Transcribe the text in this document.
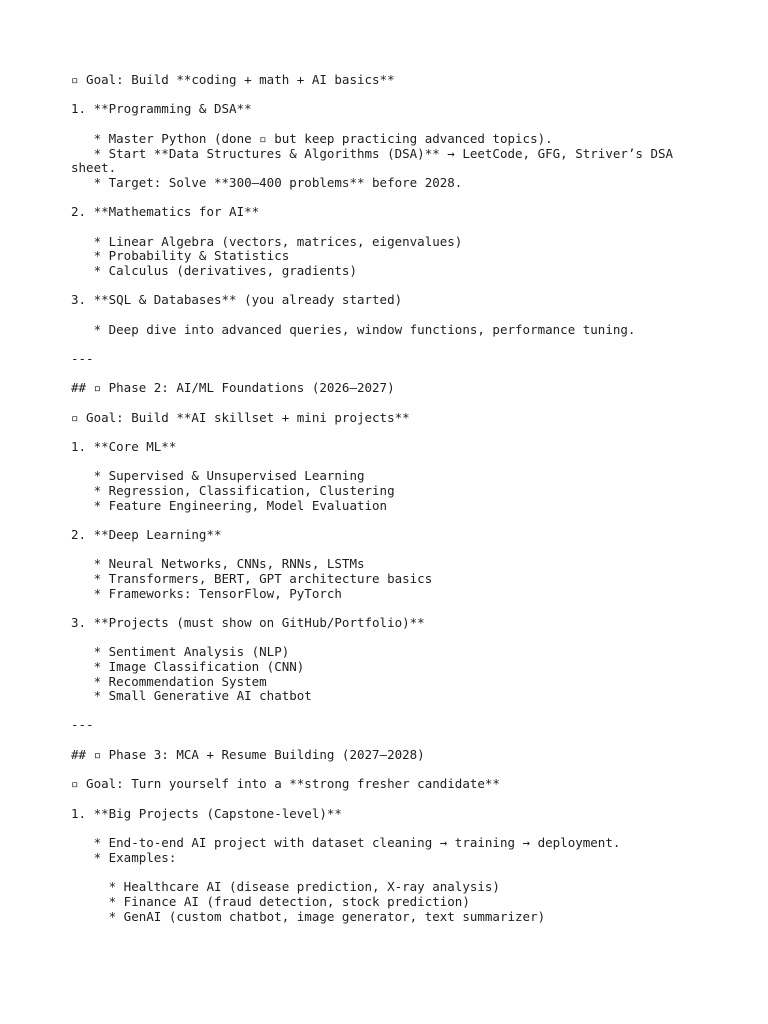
▫ Goal: Build **coding + math + AI basics**

1. **Programming & DSA**

* Master Python (done ▫ but keep practicing advanced topics).

* Start **Data Structures & Algorithms (DSA)** → LeetCode, GFG, Striver’s DSA

sheet.

* Target: Solve **300–400 problems** before 2028.

2. **Mathematics for AI**

* Linear Algebra (vectors, matrices, eigenvalues)

* Probability & Statistics

* Calculus (derivatives, gradients)

3. **SQL & Databases** (you already started)

* Deep dive into advanced queries, window functions, performance tuning.

---

## ▫ Phase 2: AI/ML Foundations (2026–2027)

▫ Goal: Build **AI skillset + mini projects**

1. **Core ML**

* Supervised & Unsupervised Learning

* Regression, Classification, Clustering

* Feature Engineering, Model Evaluation

2. **Deep Learning**

* Neural Networks, CNNs, RNNs, LSTMs

* Transformers, BERT, GPT architecture basics

* Frameworks: TensorFlow, PyTorch

3. **Projects (must show on GitHub/Portfolio)**

* Sentiment Analysis (NLP)

* Image Classification (CNN)

* Recommendation System

* Small Generative AI chatbot

---

## ▫ Phase 3: MCA + Resume Building (2027–2028)

▫ Goal: Turn yourself into a **strong fresher candidate**

1. **Big Projects (Capstone-level)**

* End-to-end AI project with dataset cleaning → training → deployment.

* Examples:

* Healthcare AI (disease prediction, X-ray analysis)

* Finance AI (fraud detection, stock prediction)

* GenAI (custom chatbot, image generator, text summarizer)
